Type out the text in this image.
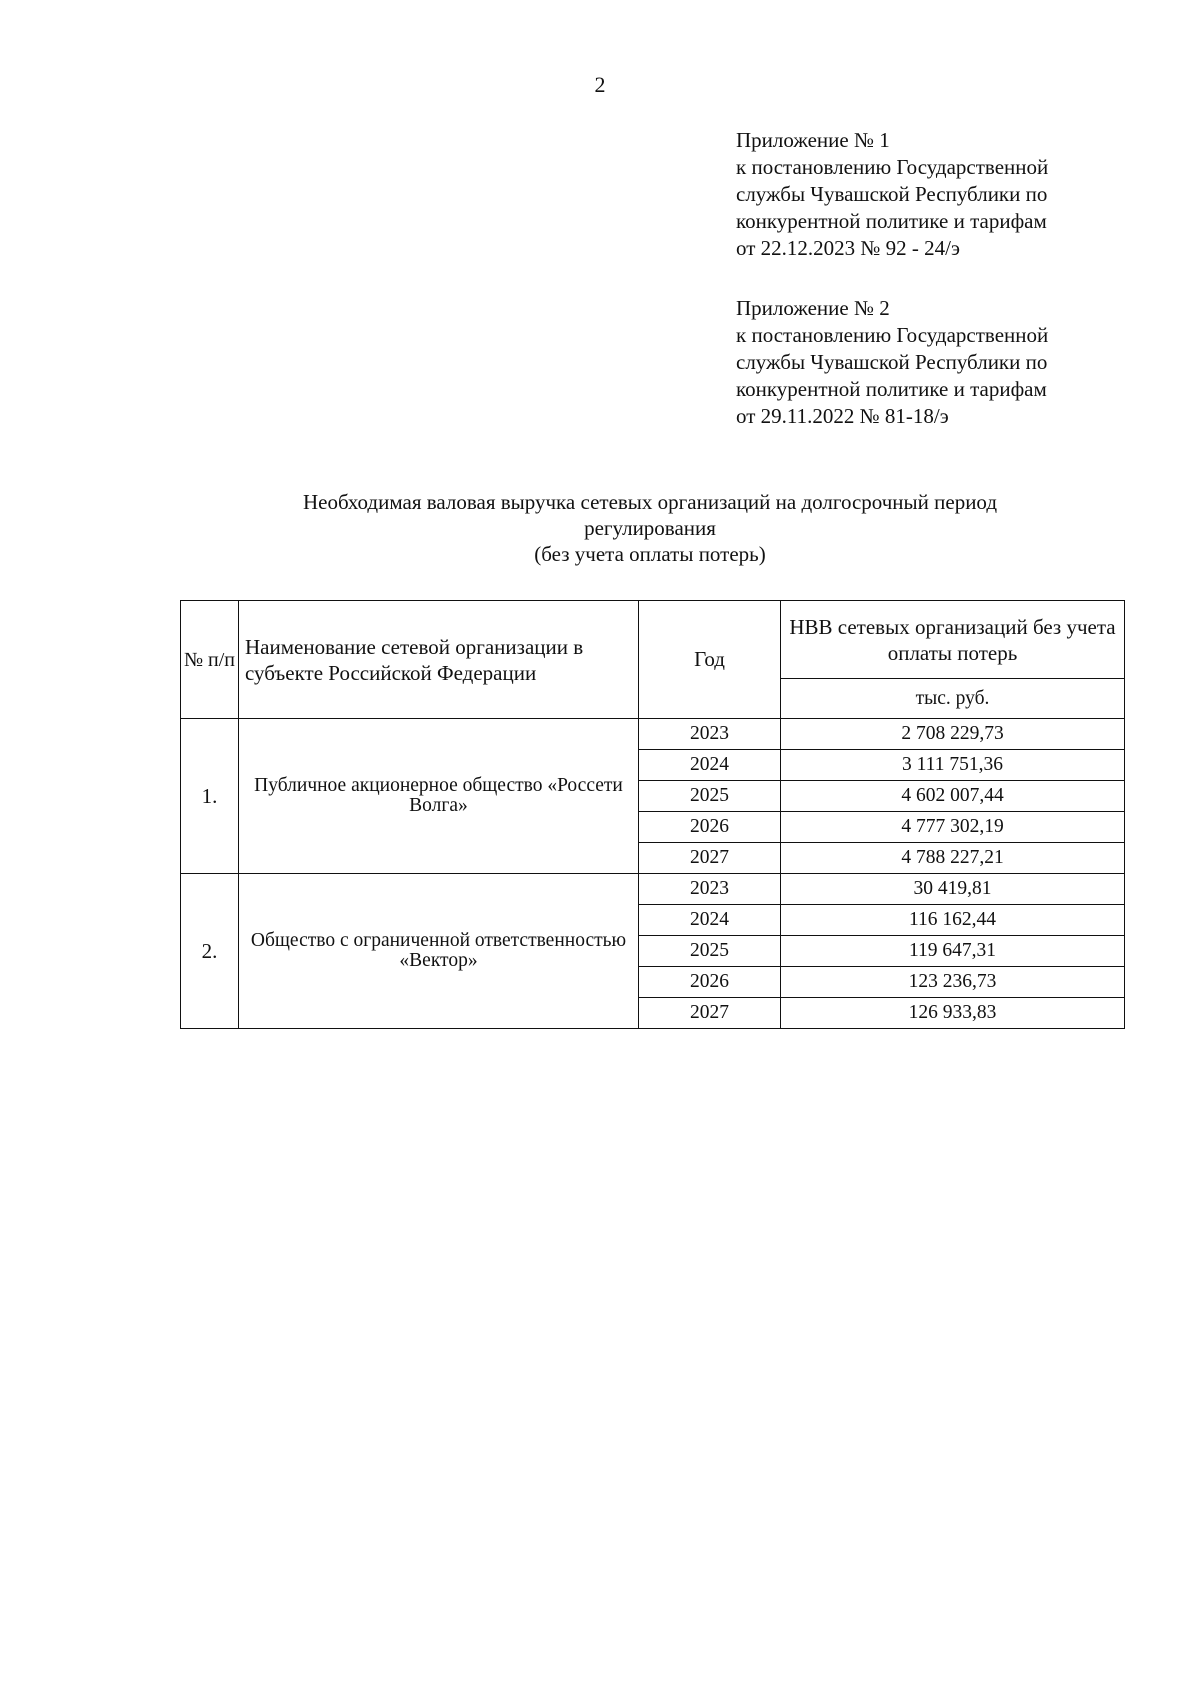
2
Приложение № 1
к постановлению Государственной
службы Чувашской Республики по
конкурентной политике и тарифам
от 22.12.2023 № 92 - 24/э
Приложение № 2
к постановлению Государственной
службы Чувашской Республики по
конкурентной политике и тарифам
от 29.11.2022 № 81-18/э
Необходимая валовая выручка сетевых организаций на долгосрочный период
регулирования
(без учета оплаты потерь)
№ п/п	Наименование сетевой организации в субъекте Российской Федерации	Год	НВВ сетевых организаций без учета оплаты потерь
			тыс. руб.
1.	Публичное акционерное общество «Россети Волга»	2023	2 708 229,73
		2024	3 111 751,36
		2025	4 602 007,44
		2026	4 777 302,19
		2027	4 788 227,21
2.	Общество с ограниченной ответственностью «Вектор»	2023	30 419,81
		2024	116 162,44
		2025	119 647,31
		2026	123 236,73
		2027	126 933,83
